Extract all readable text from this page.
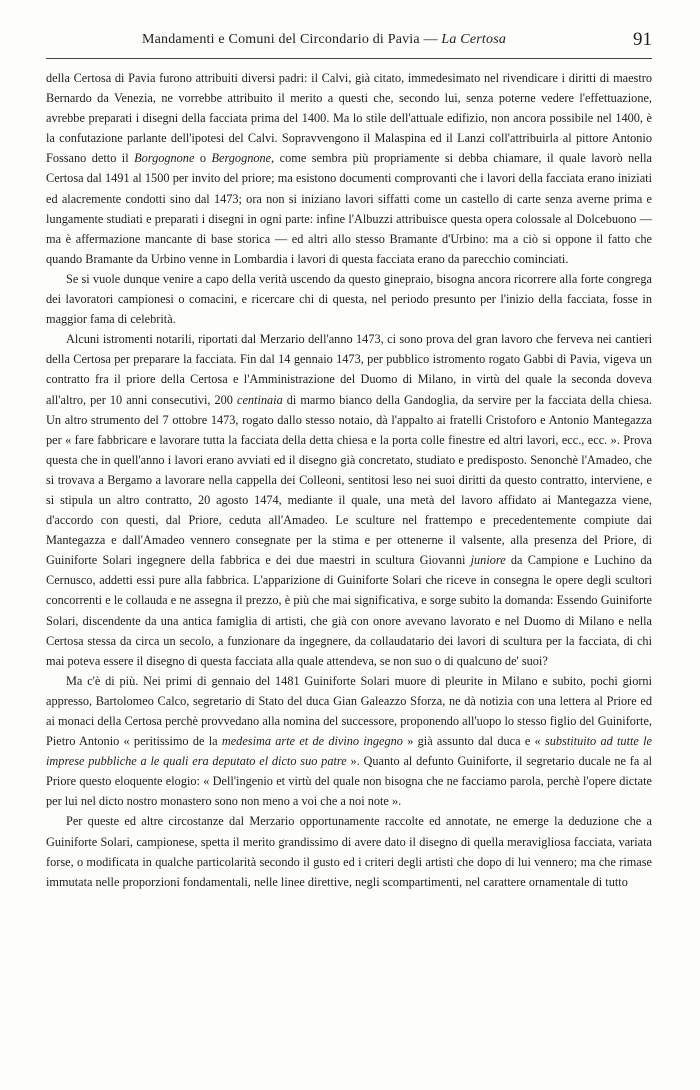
Mandamenti e Comuni del Circondario di Pavia — La Certosa	91

della Certosa di Pavia furono attribuiti diversi padri: il Calvi, già citato, immedesimato nel rivendicare i diritti di maestro Bernardo da Venezia, ne vorrebbe attribuito il merito a questi che, secondo lui, senza poterne vedere l'effettuazione, avrebbe preparati i disegni della facciata prima del 1400. Ma lo stile dell'attuale edifizio, non ancora possibile nel 1400, è la confutazione parlante dell'ipotesi del Calvi. Sopravvengono il Malaspina ed il Lanzi coll'attribuirla al pittore Antonio Fossano detto il Borgognone o Bergognone, come sembra più propriamente si debba chiamare, il quale lavorò nella Certosa dal 1491 al 1500 per invito del priore; ma esistono documenti comprovanti che i lavori della facciata erano iniziati ed alacremente condotti sino dal 1473; ora non si iniziano lavori siffatti come un castello di carte senza averne prima e lungamente studiati e preparati i disegni in ogni parte: infine l'Albuzzi attribuisce questa opera colossale al Dolcebuono — ma è affermazione mancante di base storica — ed altri allo stesso Bramante d'Urbino: ma a ciò si oppone il fatto che quando Bramante da Urbino venne in Lombardia i lavori di questa facciata erano da parecchio cominciati.

Se si vuole dunque venire a capo della verità uscendo da questo ginepraio, bisogna ancora ricorrere alla forte congrega dei lavoratori campionesi o comacini, e ricercare chi di questa, nel periodo presunto per l'inizio della facciata, fosse in maggior fama di celebrità.

Alcuni istromenti notarili, riportati dal Merzario dell'anno 1473, ci sono prova del gran lavoro che ferveva nei cantieri della Certosa per preparare la facciata. Fin dal 14 gennaio 1473, per pubblico istromento rogato Gabbi di Pavia, vigeva un contratto fra il priore della Certosa e l'Amministrazione del Duomo di Milano, in virtù del quale la seconda doveva all'altro, per 10 anni consecutivi, 200 centinaia di marmo bianco della Gandoglia, da servire per la facciata della chiesa. Un altro strumento del 7 ottobre 1473, rogato dallo stesso notaio, dà l'appalto ai fratelli Cristoforo e Antonio Mantegazza per « fare fabbricare e lavorare tutta la facciata della detta chiesa e la porta colle finestre ed altri lavori, ecc., ecc. ». Prova questa che in quell'anno i lavori erano avviati ed il disegno già concretato, studiato e predisposto. Senonchè l'Amadeo, che si trovava a Bergamo a lavorare nella cappella dei Colleoni, sentitosi leso nei suoi diritti da questo contratto, interviene, e si stipula un altro contratto, 20 agosto 1474, mediante il quale, una metà del lavoro affidato ai Mantegazza viene, d'accordo con questi, dal Priore, ceduta all'Amadeo. Le sculture nel frattempo e precedentemente compiute dai Mantegazza e dall'Amadeo vennero consegnate per la stima e per ottenerne il valsente, alla presenza del Priore, di Guiniforte Solari ingegnere della fabbrica e dei due maestri in scultura Giovanni juniore da Campione e Luchino da Cernusco, addetti essi pure alla fabbrica. L'apparizione di Guiniforte Solari che riceve in consegna le opere degli scultori concorrenti e le collauda e ne assegna il prezzo, è più che mai significativa, e sorge subito la domanda: Essendo Guiniforte Solari, discendente da una antica famiglia di artisti, che già con onore avevano lavorato e nel Duomo di Milano e nella Certosa stessa da circa un secolo, a funzionare da ingegnere, da collaudatario dei lavori di scultura per la facciata, di chi mai poteva essere il disegno di questa facciata alla quale attendeva, se non suo o di qualcuno de' suoi?

Ma c'è di più. Nei primi di gennaio del 1481 Guiniforte Solari muore di pleurite in Milano e subito, pochi giorni appresso, Bartolomeo Calco, segretario di Stato del duca Gian Galeazzo Sforza, ne dà notizia con una lettera al Priore ed ai monaci della Certosa perchè provvedano alla nomina del successore, proponendo all'uopo lo stesso figlio del Guiniforte, Pietro Antonio « peritissimo de la medesima arte et de divino ingegno » già assunto dal duca e « substituito ad tutte le imprese pubbliche a le quali era deputato el dicto suo patre ». Quanto al defunto Guiniforte, il segretario ducale ne fa al Priore questo eloquente elogio: « Dell'ingenio et virtù del quale non bisogna che ne facciamo parola, perchè l'opere dictate per lui nel dicto nostro monastero sono non meno a voi che a noi note ».

Per queste ed altre circostanze dal Merzario opportunamente raccolte ed annotate, ne emerge la deduzione che a Guiniforte Solari, campionese, spetta il merito grandissimo di avere dato il disegno di quella meravigliosa facciata, variata forse, o modificata in qualche particolarità secondo il gusto ed i criteri degli artisti che dopo di lui vennero; ma che rimase immutata nelle proporzioni fondamentali, nelle linee direttive, negli scompartimenti, nel carattere ornamentale di tutto
